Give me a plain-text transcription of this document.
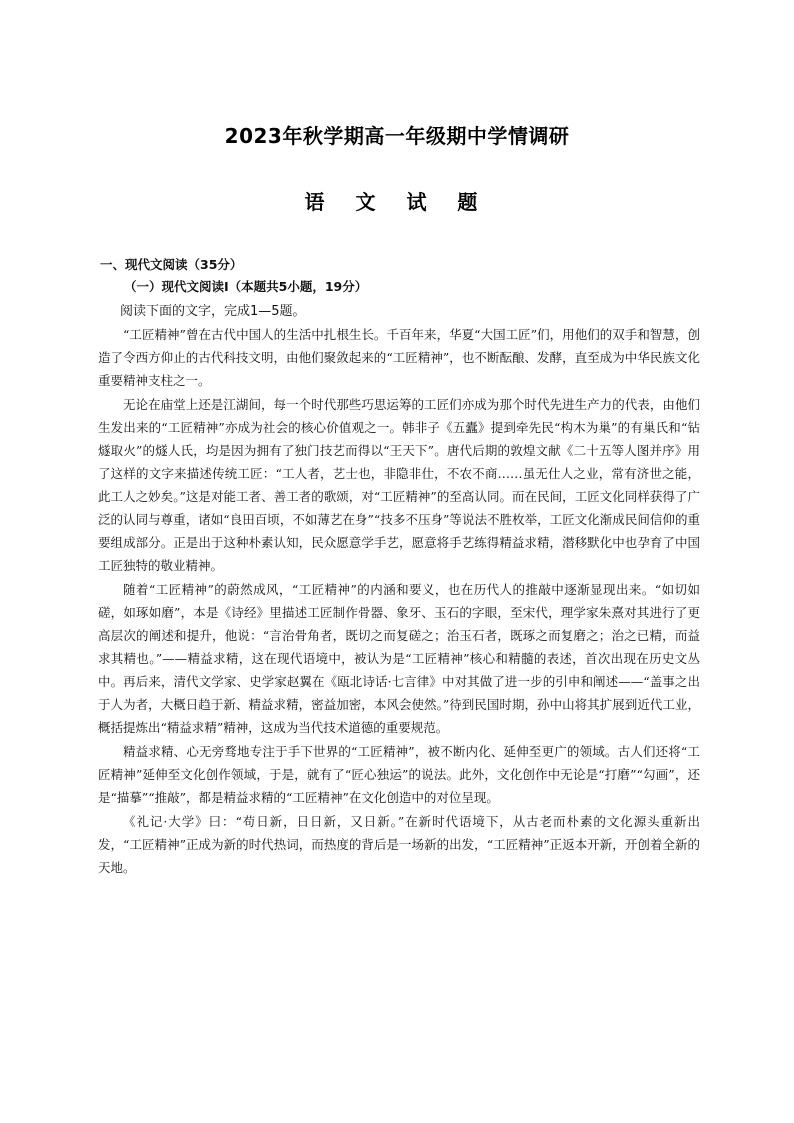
2023年秋学期高一年级期中学情调研
语 文 试 题
一、现代文阅读（35分）
（一）现代文阅读Ⅰ（本题共5小题，19分）
阅读下面的文字，完成1—5题。

“工匠精神”曾在古代中国人的生活中扎根生长。千百年来，华夏“大国工匠”们，用他们的双手和智慧，创造了令西方仰止的古代科技文明，由他们聚敛起来的“工匠精神”，也不断酝酿、发酵，直至成为中华民族文化重要精神支柱之一。

无论在庙堂上还是江湖间，每一个时代那些巧思运筹的工匠们亦成为那个时代先进生产力的代表，由他们生发出来的“工匠精神”亦成为社会的核心价值观之一。韩非子《五蠹》提到牵先民“构木为巢”的有巢氏和“钻燧取火”的燧人氏，均是因为拥有了独门技艺而得以“王天下”。唐代后期的敦煌文献《二十五等人图并序》用了这样的文字来描述传统工匠：“工人者，艺士也，非隐非仕，不农不商……虽无仕人之业，常有济世之能，此工人之妙矣。”这是对能工者、善工者的歌颂，对“工匠精神”的至高认同。而在民间，工匠文化同样获得了广泛的认同与尊重，诸如“良田百顷，不如薄艺在身”“技多不压身”等说法不胜枚举，工匠文化渐成民间信仰的重要组成部分。正是出于这种朴素认知，民众愿意学手艺，愿意将手艺练得精益求精，潜移默化中也孕育了中国工匠独特的敬业精神。

随着“工匠精神”的蔚然成风，“工匠精神”的内涵和要义，也在历代人的推敲中逐渐显现出来。“如切如磋，如琢如磨”，本是《诗经》里描述工匠制作骨器、象牙、玉石的字眼，至宋代，理学家朱熹对其进行了更高层次的阐述和提升，他说：“言治骨角者，既切之而复磋之；治玉石者，既琢之而复磨之；治之已精，而益求其精也。”——精益求精，这在现代语境中，被认为是“工匠精神”核心和精髓的表述，首次出现在历史文丛中。再后来，清代文学家、史学家赵翼在《瓯北诗话·七言律》中对其做了进一步的引申和阐述——“盖事之出于人为者，大概日趋于新、精益求精，密益加密，本风会使然。”待到民国时期，孙中山将其扩展到近代工业，概括提炼出“精益求精”精神，这成为当代技术道德的重要规范。

精益求精、心无旁骛地专注于手下世界的“工匠精神”，被不断内化、延伸至更广的领域。古人们还将“工匠精神”延伸至文化创作领域，于是，就有了“匠心独运”的说法。此外，文化创作中无论是“打磨”“勾画”，还是“描摹”“推敲”，都是精益求精的“工匠精神”在文化创造中的对位呈现。

《礼记·大学》曰：“苟日新，日日新，又日新。”在新时代语境下，从古老而朴素的文化源头重新出发，“工匠精神”正成为新的时代热词，而热度的背后是一场新的出发，“工匠精神”正返本开新，开创着全新的天地。
